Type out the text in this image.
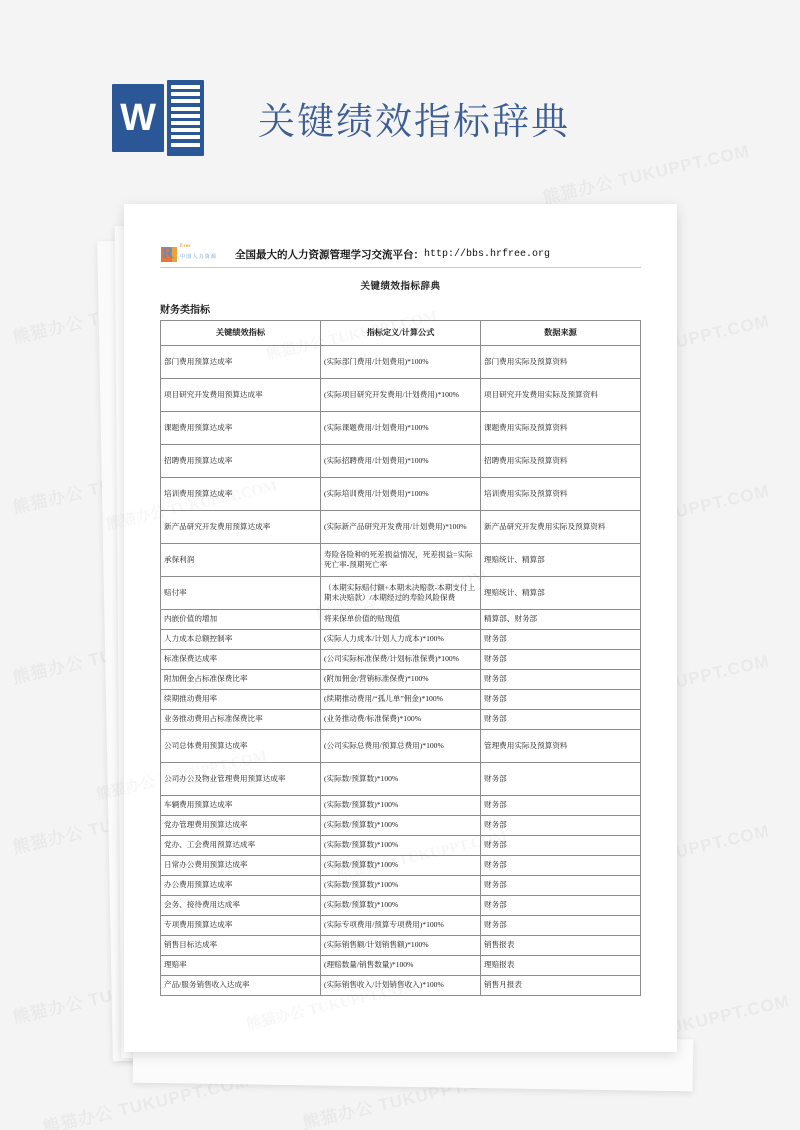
W	关键绩效指标辞典
R Free
中国人力资源 全国最大的人力资源管理学习交流平台： http://bbs.hrfree.org
关键绩效指标辞典
财务类指标
关键绩效指标	指标定义/计算公式	数据来源
部门费用预算达成率	(实际部门费用/计划费用)*100%	部门费用实际及预算资料
项目研究开发费用预算达成率	(实际项目研究开发费用/计划费用)*100%	项目研究开发费用实际及预算资料
课题费用预算达成率	(实际课题费用/计划费用)*100%	课题费用实际及预算资料
招聘费用预算达成率	(实际招聘费用/计划费用)*100%	招聘费用实际及预算资料
培训费用预算达成率	(实际培训费用/计划费用)*100%	培训费用实际及预算资料
新产品研究开发费用预算达成率	(实际新产品研究开发费用/计划费用)*100%	新产品研究开发费用实际及预算资料
承保利润	寿险各险种的死差损益情况，死差损益=实际死亡率-预期死亡率	理赔统计、精算部
赔付率	（本期实际赔付额+本期未决赔款-本期支付上期未决赔款）/本期经过的寿险风险保费	理赔统计、精算部
内嵌价值的增加	将来保单价值的贴现值	精算部、财务部
人力成本总额控制率	(实际人力成本/计划人力成本)*100%	财务部
标准保费达成率	(公司实际标准保费/计划标准保费)*100%	财务部
附加佣金占标准保费比率	(附加佣金/营销标准保费)*100%	财务部
续期推动费用率	(续期推动费用/“孤儿单”佣金)*100%	财务部
业务推动费用占标准保费比率	(业务推动费/标准保费)*100%	财务部
公司总体费用预算达成率	(公司实际总费用/预算总费用)*100%	管理费用实际及预算资料
公司办公及物业管理费用预算达成率	(实际数/预算数)*100%	财务部
车辆费用预算达成率	(实际数/预算数)*100%	财务部
党办管理费用预算达成率	(实际数/预算数)*100%	财务部
党办、工会费用预算达成率	(实际数/预算数)*100%	财务部
日常办公费用预算达成率	(实际数/预算数)*100%	财务部
办公费用预算达成率	(实际数/预算数)*100%	财务部
会务、接待费用达成率	(实际数/预算数)*100%	财务部
专项费用预算达成率	(实际专项费用/预算专项费用)*100%	财务部
销售目标达成率	(实际销售额/计划销售额)*100%	销售报表
理赔率	(理赔数量/销售数量)*100%	理赔报表
产品/服务销售收入达成率	(实际销售收入/计划销售收入)*100%	销售月报表
